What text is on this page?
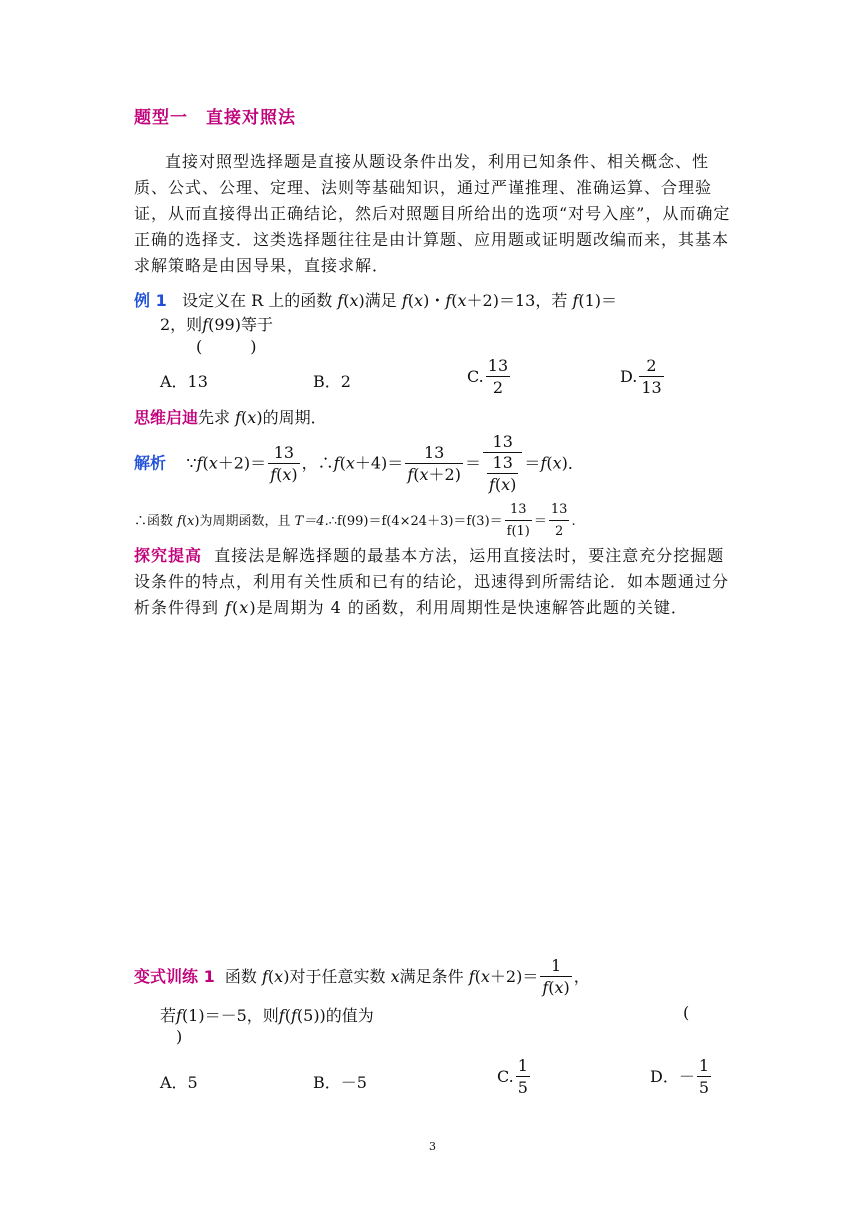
题型一　直接对照法
直接对照型选择题是直接从题设条件出发，利用已知条件、相关概念、性质、公式、公理、定理、法则等基础知识，通过严谨推理、准确运算、合理验证，从而直接得出正确结论，然后对照题目所给出的选项“对号入座”，从而确定正确的选择支．这类选择题往往是由计算题、应用题或证明题改编而来，其基本求解策略是由因导果，直接求解．
例 1 设定义在 R 上的函数 f(x)满足 f(x)・f(x＋2)＝13，若 f(1)＝
2，则f(99)等于
(　　　)
A．13	B．2	C. $\frac{13}{2}$	D. $\frac{2}{13}$
思维启迪先求 f(x)的周期．
解析 ∵f(x＋2)＝ $\frac{13}{f(x)}$ ，∴f(x＋4)＝ $\frac{13}{f(x+2)} = \frac{13}{\frac{13}{f(x)}} =f(x)$．
∴函数 f(x)为周期函数，且 T＝4.∴f(99)＝f(4×24＋3)＝f(3)＝ $\frac{13}{f(1)} = \frac{13}{2}$ .
探究提高 直接法是解选择题的最基本方法，运用直接法时，要注意充分挖掘题设条件的特点，利用有关性质和已有的结论，迅速得到所需结论．如本题通过分析条件得到 f(x)是周期为 4 的函数，利用周期性是快速解答此题的关键．
变式训练 1 函数 f(x)对于任意实数 x满足条件 $f(x+2)= \frac{1}{f(x)}$ ，
若f(1)＝－5，则f(f(5))的值为	(
)
A．5	B．－5	C. $\frac{1}{5}$	D．－ $\frac{1}{5}$
3
